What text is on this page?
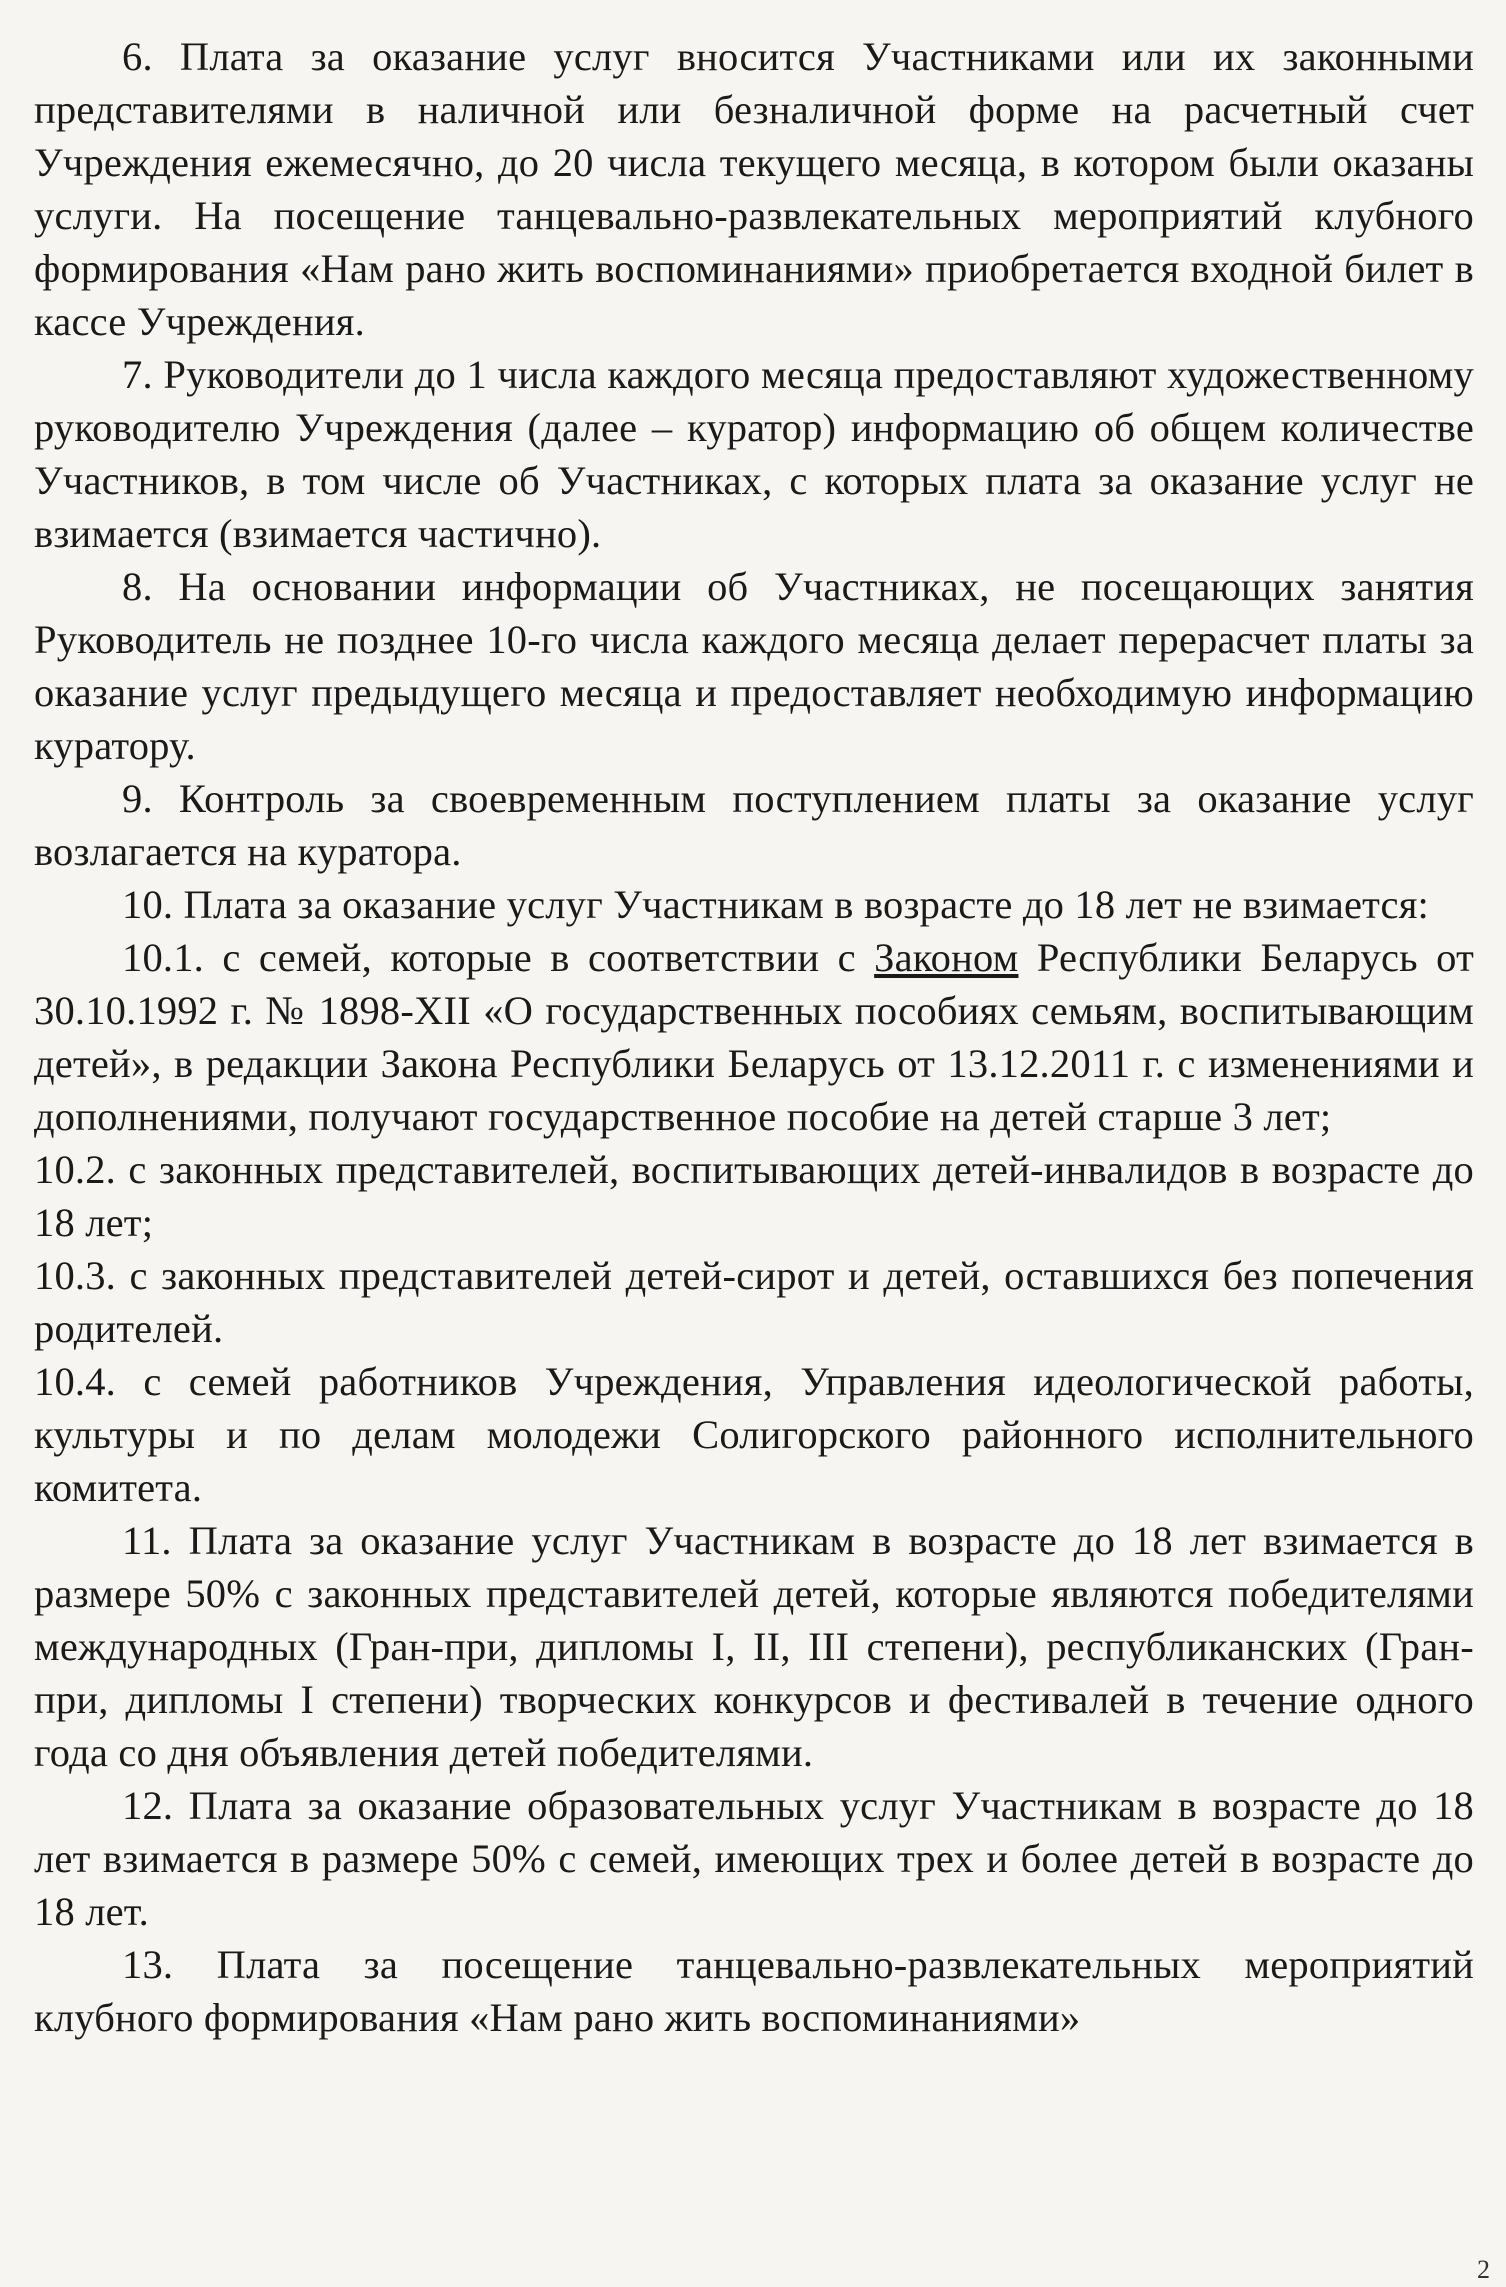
6. Плата за оказание услуг вносится Участниками или их законными представителями в наличной или безналичной форме на расчетный счет Учреждения ежемесячно, до 20 числа текущего месяца, в котором были оказаны услуги. На посещение танцевально-развлекательных мероприятий клубного формирования «Нам рано жить воспоминаниями» приобретается входной билет в кассе Учреждения.

7. Руководители до 1 числа каждого месяца предоставляют художественному руководителю Учреждения (далее – куратор) информацию об общем количестве Участников, в том числе об Участниках, с которых плата за оказание услуг не взимается (взимается частично).

8. На основании информации об Участниках, не посещающих занятия Руководитель не позднее 10-го числа каждого месяца делает перерасчет платы за оказание услуг предыдущего месяца и предоставляет необходимую информацию куратору.

9. Контроль за своевременным поступлением платы за оказание услуг возлагается на куратора.

10. Плата за оказание услуг Участникам в возрасте до 18 лет не взимается:

10.1. с семей, которые в соответствии с Законом Республики Беларусь от 30.10.1992 г. № 1898-XII «О государственных пособиях семьям, воспитывающим детей», в редакции Закона Республики Беларусь от 13.12.2011 г. с изменениями и дополнениями, получают государственное пособие на детей старше 3 лет;

10.2. с законных представителей, воспитывающих детей-инвалидов в возрасте до 18 лет;

10.3. с законных представителей детей-сирот и детей, оставшихся без попечения родителей.

10.4. с семей работников Учреждения, Управления идеологической работы, культуры и по делам молодежи Солигорского районного исполнительного комитета.

11. Плата за оказание услуг Участникам в возрасте до 18 лет взимается в размере 50% с законных представителей детей, которые являются победителями международных (Гран-при, дипломы I, II, III степени), республиканских (Гран-при, дипломы I степени) творческих конкурсов и фестивалей в течение одного года со дня объявления детей победителями.

12. Плата за оказание образовательных услуг Участникам в возрасте до 18 лет взимается в размере 50% с семей, имеющих трех и более детей в возрасте до 18 лет.

13. Плата за посещение танцевально-развлекательных мероприятий клубного формирования «Нам рано жить воспоминаниями»

2
